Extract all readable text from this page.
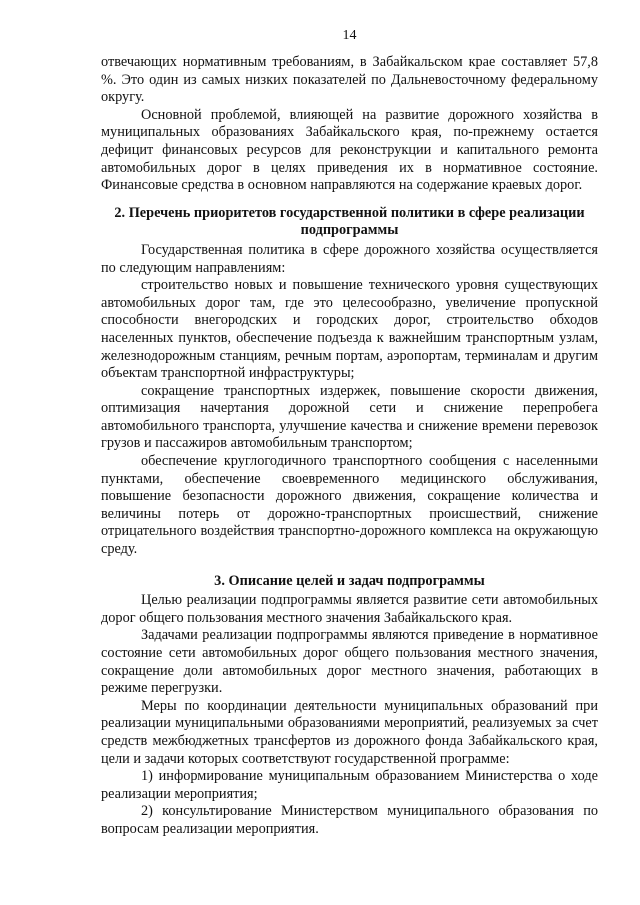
14

отвечающих нормативным требованиям, в Забайкальском крае составляет 57,8 %. Это один из самых низких показателей по Дальневосточному федеральному округу.

Основной проблемой, влияющей на развитие дорожного хозяйства в муниципальных образованиях Забайкальского края, по-прежнему остается дефицит финансовых ресурсов для реконструкции и капитального ремонта автомобильных дорог в целях приведения их в нормативное состояние. Финансовые средства в основном направляются на содержание краевых дорог.

2. Перечень приоритетов государственной политики в сфере реализации подпрограммы

Государственная политика в сфере дорожного хозяйства осуществляется по следующим направлениям:

строительство новых и повышение технического уровня существующих автомобильных дорог там, где это целесообразно, увеличение пропускной способности внегородских и городских дорог, строительство обходов населенных пунктов, обеспечение подъезда к важнейшим транспортным узлам, железнодорожным станциям, речным портам, аэропортам, терминалам и другим объектам транспортной инфраструктуры;

сокращение транспортных издержек, повышение скорости движения, оптимизация начертания дорожной сети и снижение перепробега автомобильного транспорта, улучшение качества и снижение времени перевозок грузов и пассажиров автомобильным транспортом;

обеспечение круглогодичного транспортного сообщения с населенными пунктами, обеспечение своевременного медицинского обслуживания, повышение безопасности дорожного движения, сокращение количества и величины потерь от дорожно-транспортных происшествий, снижение отрицательного воздействия транспортно-дорожного комплекса на окружающую среду.

3. Описание целей и задач подпрограммы

Целью реализации подпрограммы является развитие сети автомобильных дорог общего пользования местного значения Забайкальского края.

Задачами реализации подпрограммы являются приведение в нормативное состояние сети автомобильных дорог общего пользования местного значения, сокращение доли автомобильных дорог местного значения, работающих в режиме перегрузки.

Меры по координации деятельности муниципальных образований при реализации муниципальными образованиями мероприятий, реализуемых за счет средств межбюджетных трансфертов из дорожного фонда Забайкальского края, цели и задачи которых соответствуют государственной программе:

1) информирование муниципальным образованием Министерства о ходе реализации мероприятия;

2) консультирование Министерством муниципального образования по вопросам реализации мероприятия.
